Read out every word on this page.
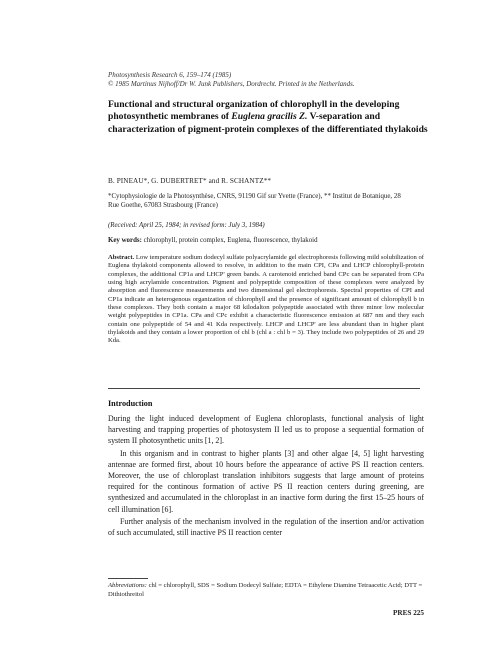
Photosynthesis Research 6, 159–174 (1985)
© 1985 Martinus Nijhoff/Dr W. Junk Publishers, Dordrecht. Printed in the Netherlands.
Functional and structural organization of chlorophyll in the developing photosynthetic membranes of Euglena gracilis Z. V-separation and characterization of pigment-protein complexes of the differentiated thylakoids
B. PINEAU*, G. DUBERTRET* and R. SCHANTZ**
*Cytophysiologie de la Photosynthèse, CNRS, 91190 Gif sur Yvette (France), ** Institut de Botanique, 28 Rue Goethe, 67083 Strasbourg (France)
(Received: April 25, 1984; in revised form: July 3, 1984)
Key words: chlorophyll, protein complex, Euglena, fluorescence, thylakoid
Abstract. Low temperature sodium dodecyl sulfate polyacrylamide gel electrophoresis following mild solubilization of Euglena thylakoid components allowed to resolve, in addition to the main CPI, CPa and LHCP chlorophyll-protein complexes, the additional CP1a and LHCP' green bands. A carotenoid enriched band CPc can be separated from CPa using high acrylamide concentration. Pigment and polypeptide composition of these complexes were analyzed by absorption and fluorescence measurements and two dimensional gel electrophoresis. Spectral properties of CPI and CP1a indicate an heterogenous organization of chlorophyll and the presence of significant amount of chlorophyll b in these complexes. They both contain a major 68 kilodalton polypeptide associated with three minor low molecular weight polypeptides in CP1a. CPa and CPc exhibit a characteristic fluorescence emission at 687 nm and they each contain one polypeptide of 54 and 41 Kda respectively. LHCP and LHCP' are less abundant than in higher plant thylakoids and they contain a lower proportion of chl b (chl a : chl b = 3). They include two polypeptides of 26 and 29 Kda.
Introduction

During the light induced development of Euglena chloroplasts, functional analysis of light harvesting and trapping properties of photosystem II led us to propose a sequential formation of system II photosynthetic units [1, 2].

In this organism and in contrast to higher plants [3] and other algae [4, 5] light harvesting antennae are formed first, about 10 hours before the appearance of active PS II reaction centers. Moreover, the use of chloroplast translation inhibitors suggests that large amount of proteins required for the continous formation of active PS II reaction centers during greening, are synthesized and accumulated in the chloroplast in an inactive form during the first 15–25 hours of cell illumination [6].

Further analysis of the mechanism involved in the regulation of the insertion and/or activation of such accumulated, still inactive PS II reaction center

Abbreviations: chl = chlorophyll, SDS = Sodium Dodecyl Sulfate; EDTA = Ethylene Diamine Tetraacetic Acid; DTT = Dithiothreitol
PRES 225
